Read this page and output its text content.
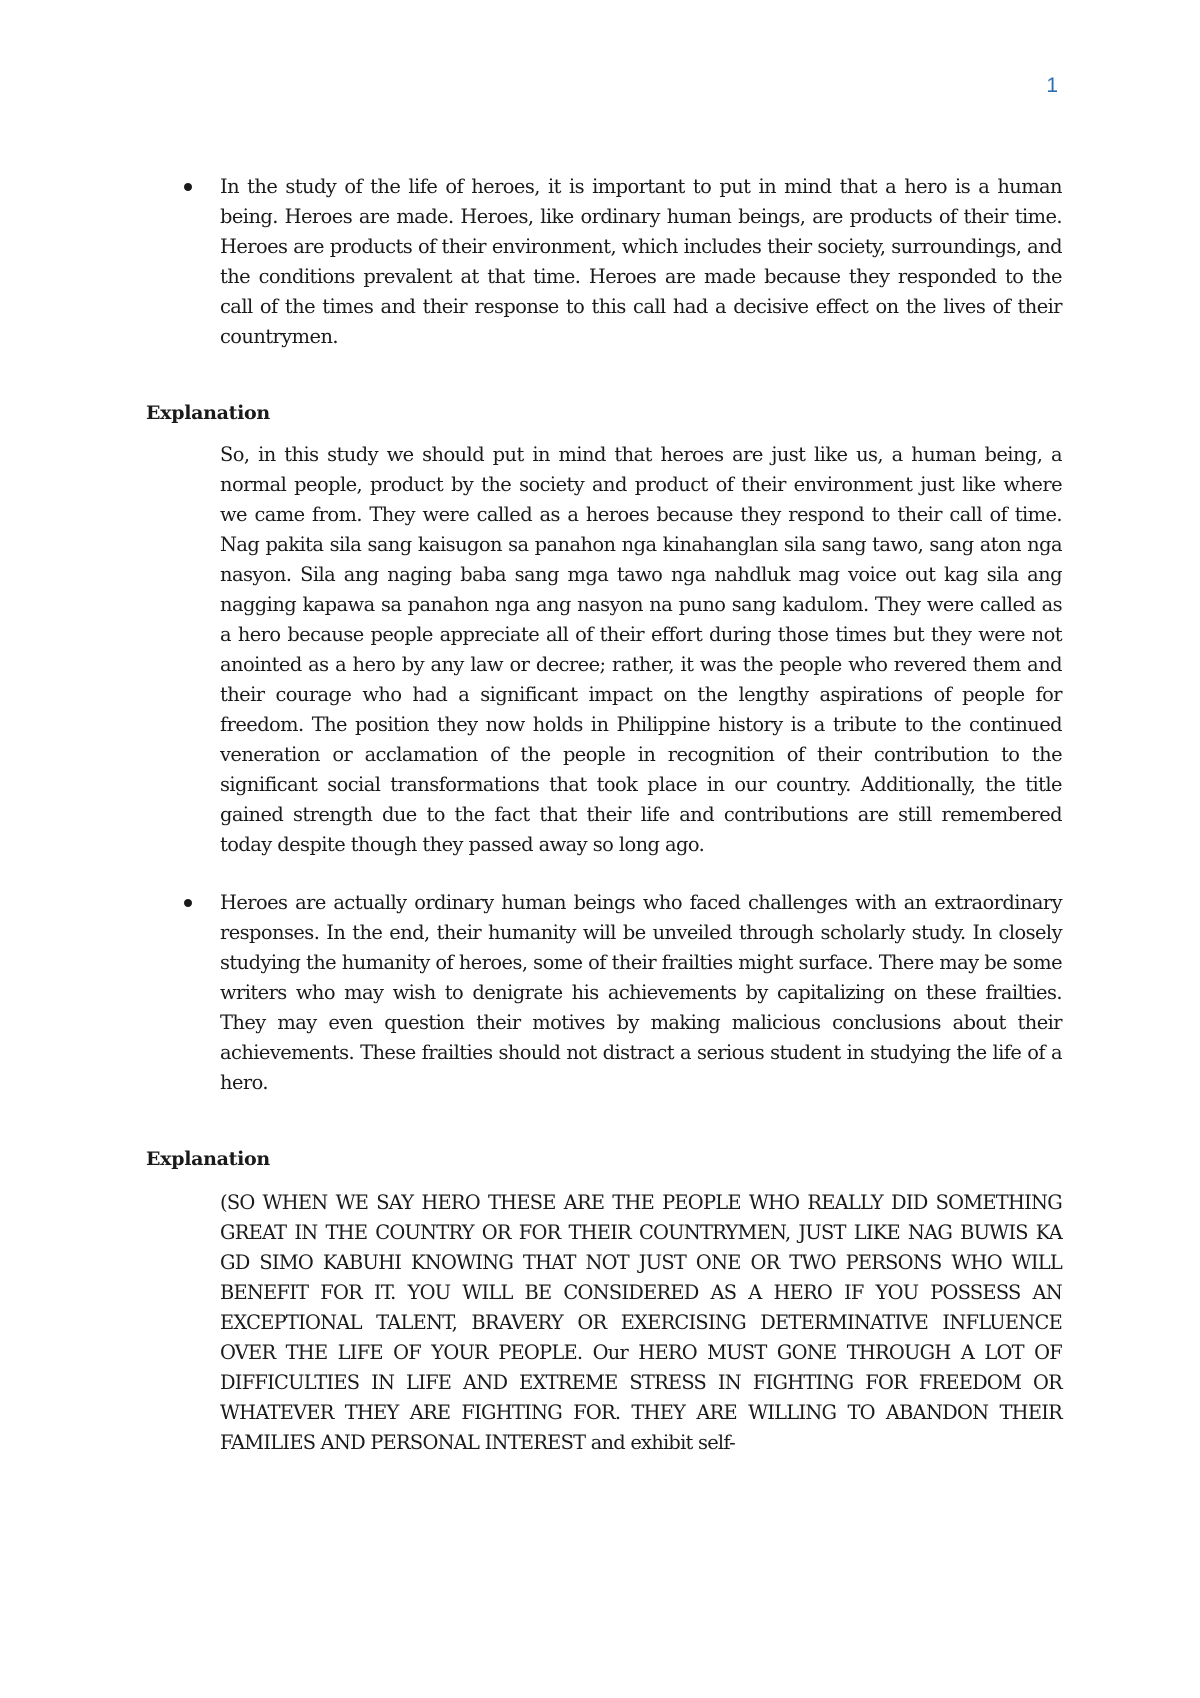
1

In the study of the life of heroes, it is important to put in mind that a hero is a human being. Heroes are made. Heroes, like ordinary human beings, are products of their time. Heroes are products of their environment, which includes their society, surroundings, and the conditions prevalent at that time. Heroes are made because they responded to the call of the times and their response to this call had a decisive effect on the lives of their countrymen.

Explanation

So, in this study we should put in mind that heroes are just like us, a human being, a normal people, product by the society and product of their environment just like where we came from. They were called as a heroes because they respond to their call of time. Nag pakita sila sang kaisugon sa panahon nga kinahanglan sila sang tawo, sang aton nga nasyon. Sila ang naging baba sang mga tawo nga nahdluk mag voice out kag sila ang nagging kapawa sa panahon nga ang nasyon na puno sang kadulom. They were called as a hero because people appreciate all of their effort during those times but they were not anointed as a hero by any law or decree; rather, it was the people who revered them and their courage who had a significant impact on the lengthy aspirations of people for freedom. The position they now holds in Philippine history is a tribute to the continued veneration or acclamation of the people in recognition of their contribution to the significant social transformations that took place in our country. Additionally, the title gained strength due to the fact that their life and contributions are still remembered today despite though they passed away so long ago.

Heroes are actually ordinary human beings who faced challenges with an extraordinary responses. In the end, their humanity will be unveiled through scholarly study. In closely studying the humanity of heroes, some of their frailties might surface. There may be some writers who may wish to denigrate his achievements by capitalizing on these frailties. They may even question their motives by making malicious conclusions about their achievements. These frailties should not distract a serious student in studying the life of a hero.

Explanation

(SO WHEN WE SAY HERO THESE ARE THE PEOPLE WHO REALLY DID SOMETHING GREAT IN THE COUNTRY OR FOR THEIR COUNTRYMEN, JUST LIKE NAG BUWIS KA GD SIMO KABUHI KNOWING THAT NOT JUST ONE OR TWO PERSONS WHO WILL BENEFIT FOR IT. YOU WILL BE CONSIDERED AS A HERO IF YOU POSSESS AN EXCEPTIONAL TALENT, BRAVERY OR EXERCISING DETERMINATIVE INFLUENCE OVER THE LIFE OF YOUR PEOPLE. Our HERO MUST GONE THROUGH A LOT OF DIFFICULTIES IN LIFE AND EXTREME STRESS IN FIGHTING FOR FREEDOM OR WHATEVER THEY ARE FIGHTING FOR. THEY ARE WILLING TO ABANDON THEIR FAMILIES AND PERSONAL INTEREST and exhibit self-
